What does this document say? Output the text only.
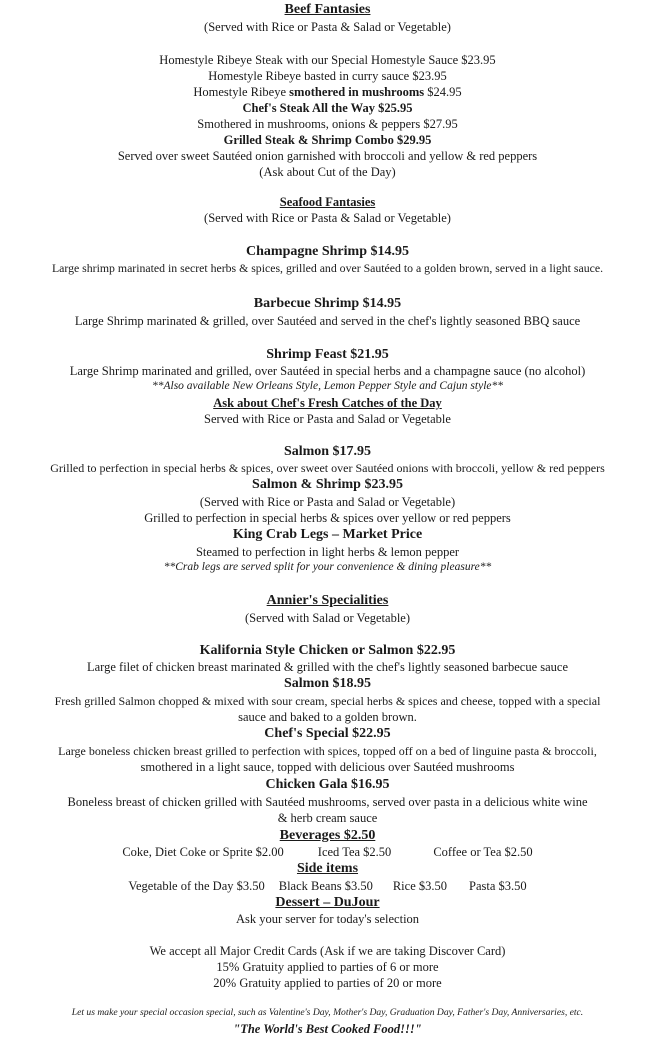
Beef Fantasies
(Served with Rice or Pasta & Salad or Vegetable)
Homestyle Ribeye Steak with our Special Homestyle Sauce $23.95
Homestyle Ribeye basted in curry sauce $23.95
Homestyle Ribeye smothered in mushrooms $24.95
Chef's Steak All the Way $25.95
Smothered in mushrooms, onions & peppers $27.95
Grilled Steak & Shrimp Combo $29.95
Served over sweet Sautéed onion garnished with broccoli and yellow & red peppers
(Ask about Cut of the Day)
Seafood Fantasies
(Served with Rice or Pasta & Salad or Vegetable)
Champagne Shrimp $14.95
Large shrimp marinated in secret herbs & spices, grilled and over Sautéed to a golden brown, served in a light sauce.
Barbecue Shrimp $14.95
Large Shrimp marinated & grilled, over Sautéed and served in the chef's lightly seasoned BBQ sauce
Shrimp Feast $21.95
Large Shrimp marinated and grilled, over Sautéed in special herbs and a champagne sauce (no alcohol)
**Also available New Orleans Style, Lemon Pepper Style and Cajun style**
Ask about Chef's Fresh Catches of the Day
Served with Rice or Pasta and Salad or Vegetable
Salmon $17.95
Grilled to perfection in special herbs & spices, over sweet over Sautéed onions with broccoli, yellow & red peppers
Salmon & Shrimp $23.95
(Served with Rice or Pasta and Salad or Vegetable)
Grilled to perfection in special herbs & spices over yellow or red peppers
King Crab Legs – Market Price
Steamed to perfection in light herbs & lemon pepper
**Crab legs are served split for your convenience & dining pleasure**
Annier's Specialities
(Served with Salad or Vegetable)
Kalifornia Style Chicken or Salmon $22.95
Large filet of chicken breast marinated & grilled with the chef's lightly seasoned barbecue sauce
Salmon $18.95
Fresh grilled Salmon chopped & mixed with sour cream, special herbs & spices and cheese, topped with a special
sauce and baked to a golden brown.
Chef's Special $22.95
Large boneless chicken breast grilled to perfection with spices, topped off on a bed of linguine pasta & broccoli,
smothered in a light sauce, topped with delicious over Sautéed mushrooms
Chicken Gala $16.95
Boneless breast of chicken grilled with Sautéed mushrooms, served over pasta in a delicious white wine
& herb cream sauce
Beverages $2.50
Coke, Diet Coke or Sprite $2.00	Iced Tea $2.50	Coffee or Tea $2.50
Side items
Vegetable of the Day $3.50 Black Beans $3.50 Rice $3.50 Pasta $3.50
Dessert – DuJour
Ask your server for today's selection
We accept all Major Credit Cards (Ask if we are taking Discover Card)
15% Gratuity applied to parties of 6 or more
20% Gratuity applied to parties of 20 or more
Let us make your special occasion special, such as Valentine's Day, Mother's Day, Graduation Day, Father's Day, Anniversaries, etc.
"The World's Best Cooked Food!!!"
